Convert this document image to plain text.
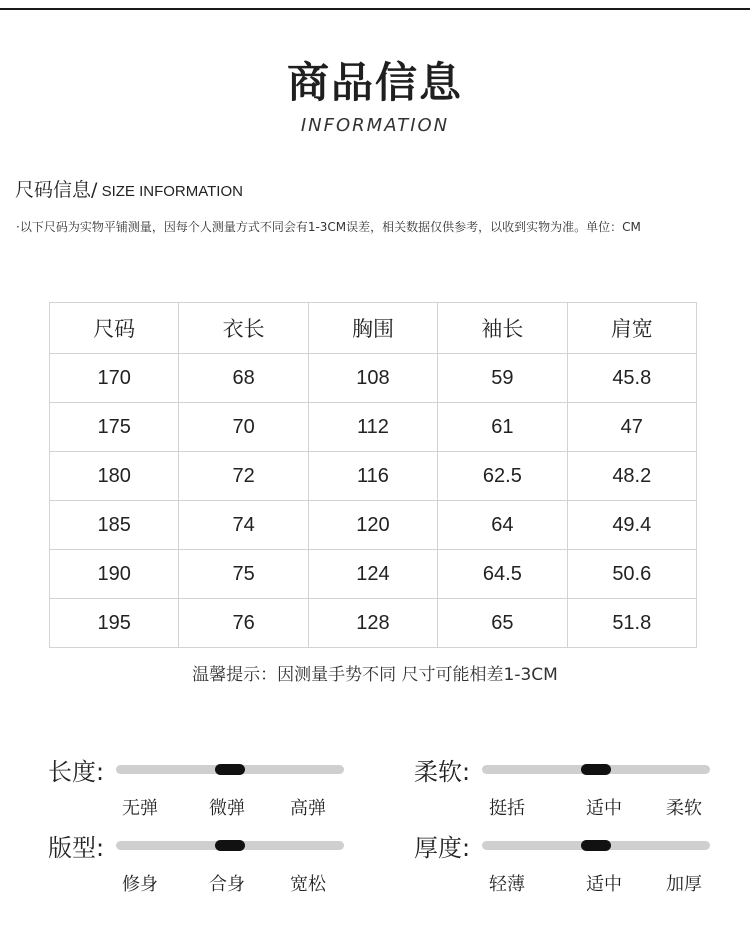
商品信息
INFORMATION
尺码信息/ SIZE INFORMATION
·以下尺码为实物平铺测量，因每个人测量方式不同会有1-3CM误差，相关数据仅供参考，以收到实物为准。单位：CM
尺码	衣长	胸围	袖长	肩宽
170	68	108	59	45.8
175	70	112	61	47
180	72	116	62.5	48.2
185	74	120	64	49.4
190	75	124	64.5	50.6
195	76	128	65	51.8
温馨提示：因测量手势不同 尺寸可能相差1-3CM
长度:
无弹	微弹	高弹
柔软:
挺括	适中 柔软
版型:
修身	合身	宽松
厚度:
轻薄	适中 加厚
